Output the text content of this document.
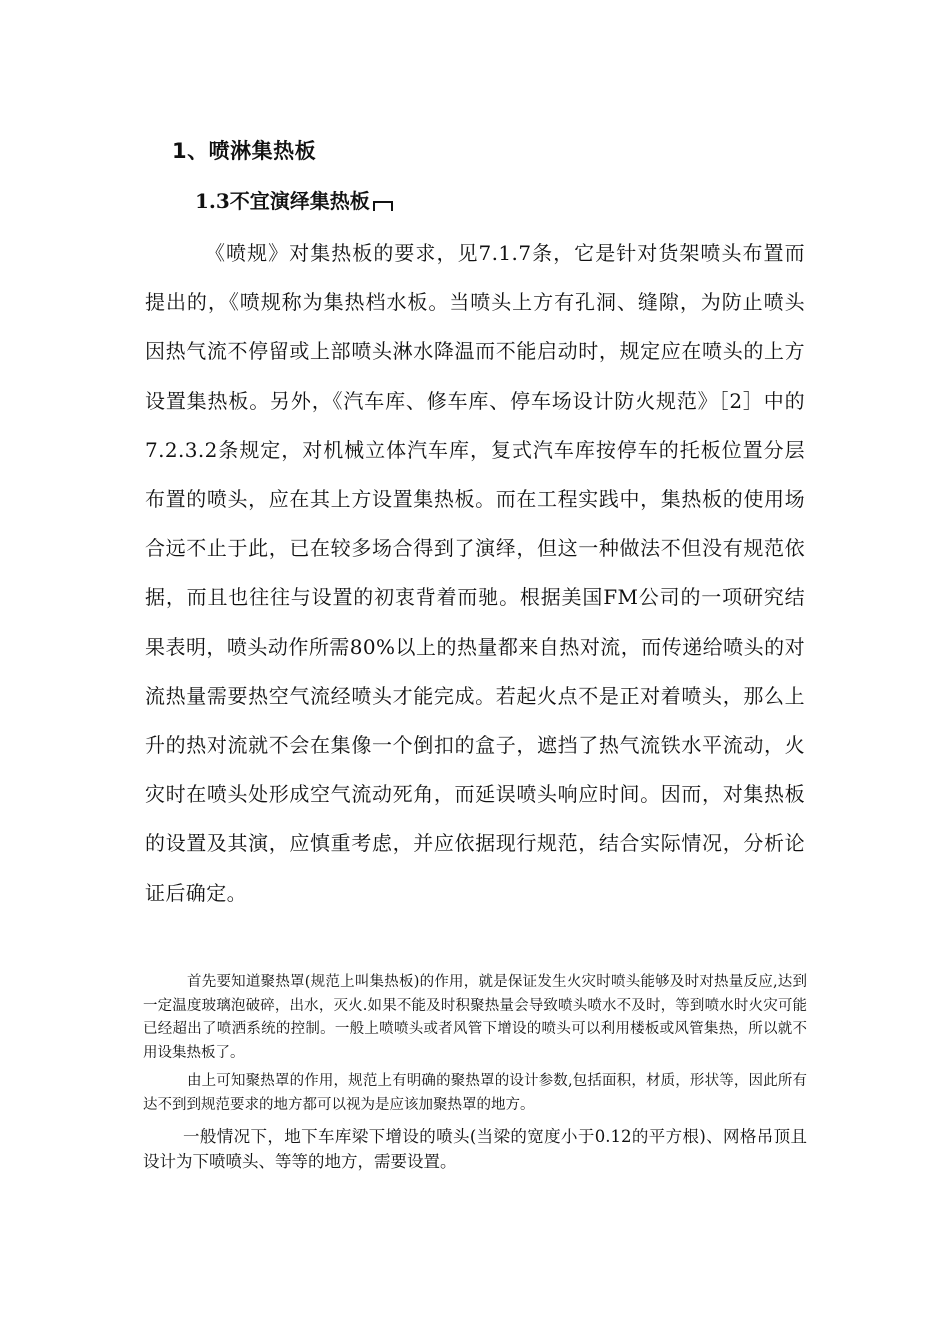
1、喷淋集热板
1.3不宜演绎集热板

《喷规》对集热板的要求，见7.1.7条，它是针对货架喷头布置而提出的，《喷规称为集热档水板。当喷头上方有孔洞、缝隙，为防止喷头因热气流不停留或上部喷头淋水降温而不能启动时，规定应在喷头的上方设置集热板。另外，《汽车库、修车库、停车场设计防火规范》［2］中的7.2.3.2条规定，对机械立体汽车库，复式汽车库按停车的托板位置分层布置的喷头，应在其上方设置集热板。而在工程实践中，集热板的使用场合远不止于此，已在较多场合得到了演绎，但这一种做法不但没有规范依据，而且也往往与设置的初衷背着而驰。根据美国FM公司的一项研究结果表明，喷头动作所需80%以上的热量都来自热对流，而传递给喷头的对流热量需要热空气流经喷头才能完成。若起火点不是正对着喷头，那么上升的热对流就不会在集像一个倒扣的盒子，遮挡了热气流铁水平流动，火灾时在喷头处形成空气流动死角，而延误喷头响应时间。因而，对集热板的设置及其演，应慎重考虑，并应依据现行规范，结合实际情况，分析论证后确定。

首先要知道聚热罩(规范上叫集热板)的作用，就是保证发生火灾时喷头能够及时对热量反应,达到一定温度玻璃泡破碎，出水，灭火.如果不能及时积聚热量会导致喷头喷水不及时，等到喷水时火灾可能已经超出了喷洒系统的控制。一般上喷喷头或者风管下增设的喷头可以利用楼板或风管集热，所以就不用设集热板了。

由上可知聚热罩的作用，规范上有明确的聚热罩的设计参数,包括面积，材质，形状等，因此所有达不到到规范要求的地方都可以视为是应该加聚热罩的地方。

一般情况下，地下车库梁下增设的喷头(当梁的宽度小于0.12的平方根)、网格吊顶且设计为下喷喷头、等等的地方，需要设置。
